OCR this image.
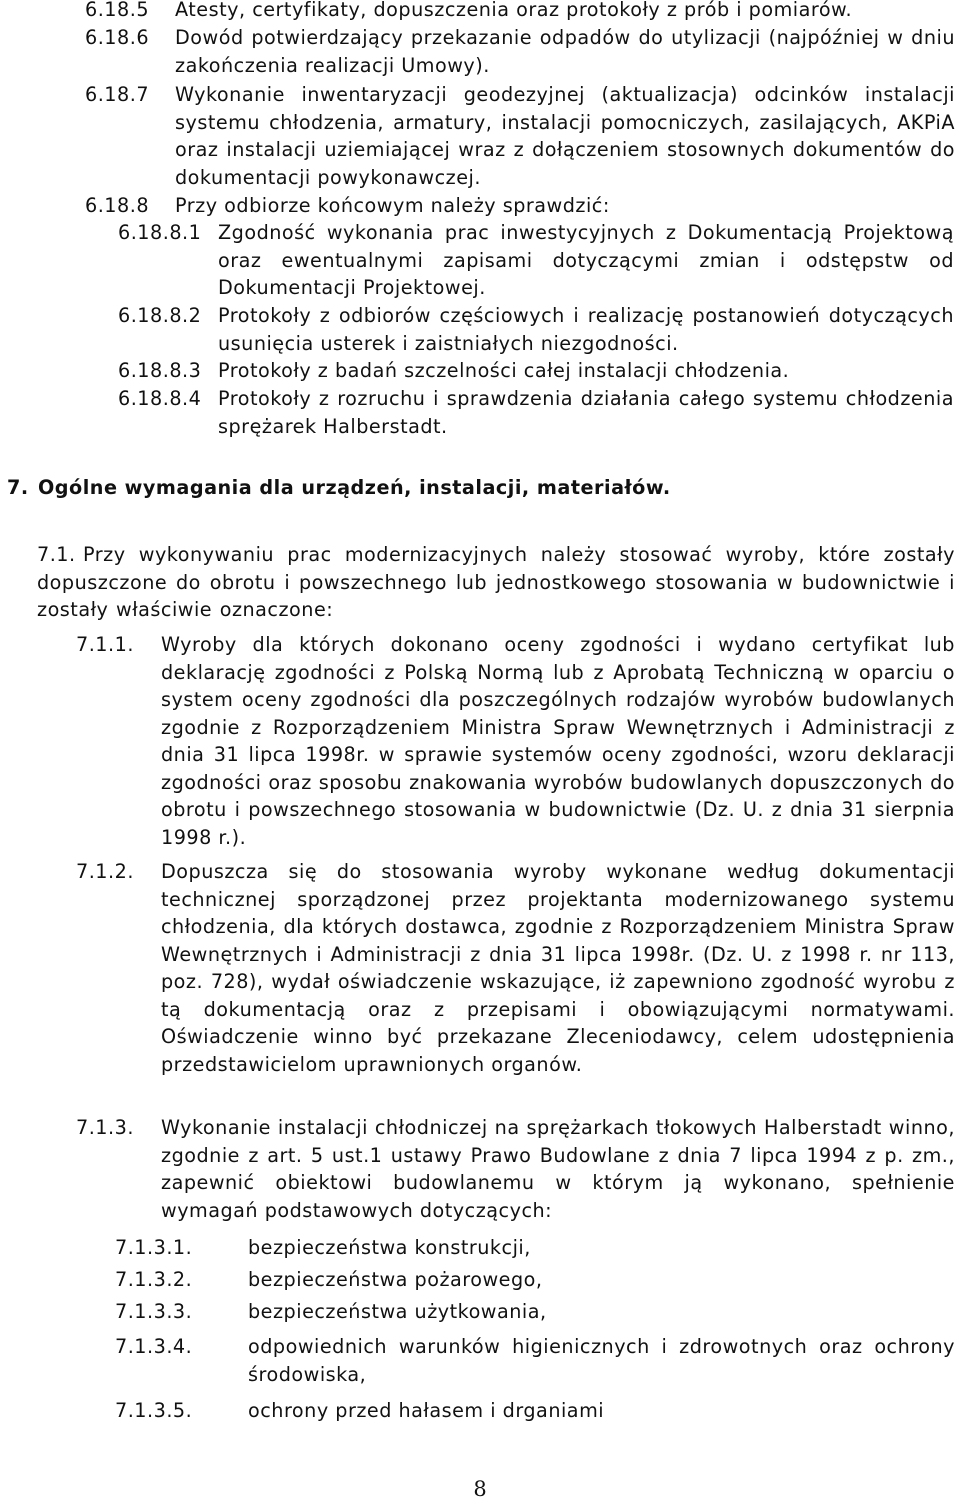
6.18.5 Atesty, certyfikaty, dopuszczenia oraz protokoły z prób i pomiarów.
6.18.6 Dowód potwierdzający przekazanie odpadów do utylizacji (najpóźniej w dniu zakończenia realizacji Umowy).
6.18.7 Wykonanie inwentaryzacji geodezyjnej (aktualizacja) odcinków instalacji systemu chłodzenia, armatury, instalacji pomocniczych, zasilających, AKPiA oraz instalacji uziemiającej wraz z dołączeniem stosownych dokumentów do dokumentacji powykonawczej.
6.18.8 Przy odbiorze końcowym należy sprawdzić:
6.18.8.1 Zgodność wykonania prac inwestycyjnych z Dokumentacją Projektową oraz ewentualnymi zapisami dotyczącymi zmian i odstępstw od Dokumentacji Projektowej.
6.18.8.2 Protokoły z odbiorów częściowych i realizację postanowień dotyczących usunięcia usterek i zaistniałych niezgodności.
6.18.8.3 Protokoły z badań szczelności całej instalacji chłodzenia.
6.18.8.4 Protokoły z rozruchu i sprawdzenia działania całego systemu chłodzenia sprężarek Halberstadt.
7. Ogólne wymagania dla urządzeń, instalacji, materiałów.
7.1. Przy wykonywaniu prac modernizacyjnych należy stosować wyroby, które zostały dopuszczone do obrotu i powszechnego lub jednostkowego stosowania w budownictwie i zostały właściwie oznaczone:
7.1.1. Wyroby dla których dokonano oceny zgodności i wydano certyfikat lub deklarację zgodności z Polską Normą lub z Aprobatą Techniczną w oparciu o system oceny zgodności dla poszczególnych rodzajów wyrobów budowlanych zgodnie z Rozporządzeniem Ministra Spraw Wewnętrznych i Administracji z dnia 31 lipca 1998r. w sprawie systemów oceny zgodności, wzoru deklaracji zgodności oraz sposobu znakowania wyrobów budowlanych dopuszczonych do obrotu i powszechnego stosowania w budownictwie (Dz. U. z dnia 31 sierpnia 1998 r.).
7.1.2. Dopuszcza się do stosowania wyroby wykonane według dokumentacji technicznej sporządzonej przez projektanta modernizowanego systemu chłodzenia, dla których dostawca, zgodnie z Rozporządzeniem Ministra Spraw Wewnętrznych i Administracji z dnia 31 lipca 1998r. (Dz. U. z 1998 r. nr 113, poz. 728), wydał oświadczenie wskazujące, iż zapewniono zgodność wyrobu z tą dokumentacją oraz z przepisami i obowiązującymi normatywami. Oświadczenie winno być przekazane Zleceniodawcy, celem udostępnienia przedstawicielom uprawnionych organów.
7.1.3. Wykonanie instalacji chłodniczej na sprężarkach tłokowych Halberstadt winno, zgodnie z art. 5 ust.1 ustawy Prawo Budowlane z dnia 7 lipca 1994 z p. zm., zapewnić obiektowi budowlanemu w którym ją wykonano, spełnienie wymagań podstawowych dotyczących:
7.1.3.1.	bezpieczeństwa konstrukcji,
7.1.3.2.	bezpieczeństwa pożarowego,
7.1.3.3.	bezpieczeństwa użytkowania,
7.1.3.4.	odpowiednich warunków higienicznych i zdrowotnych oraz ochrony środowiska,
7.1.3.5.	ochrony przed hałasem i drganiami
8
